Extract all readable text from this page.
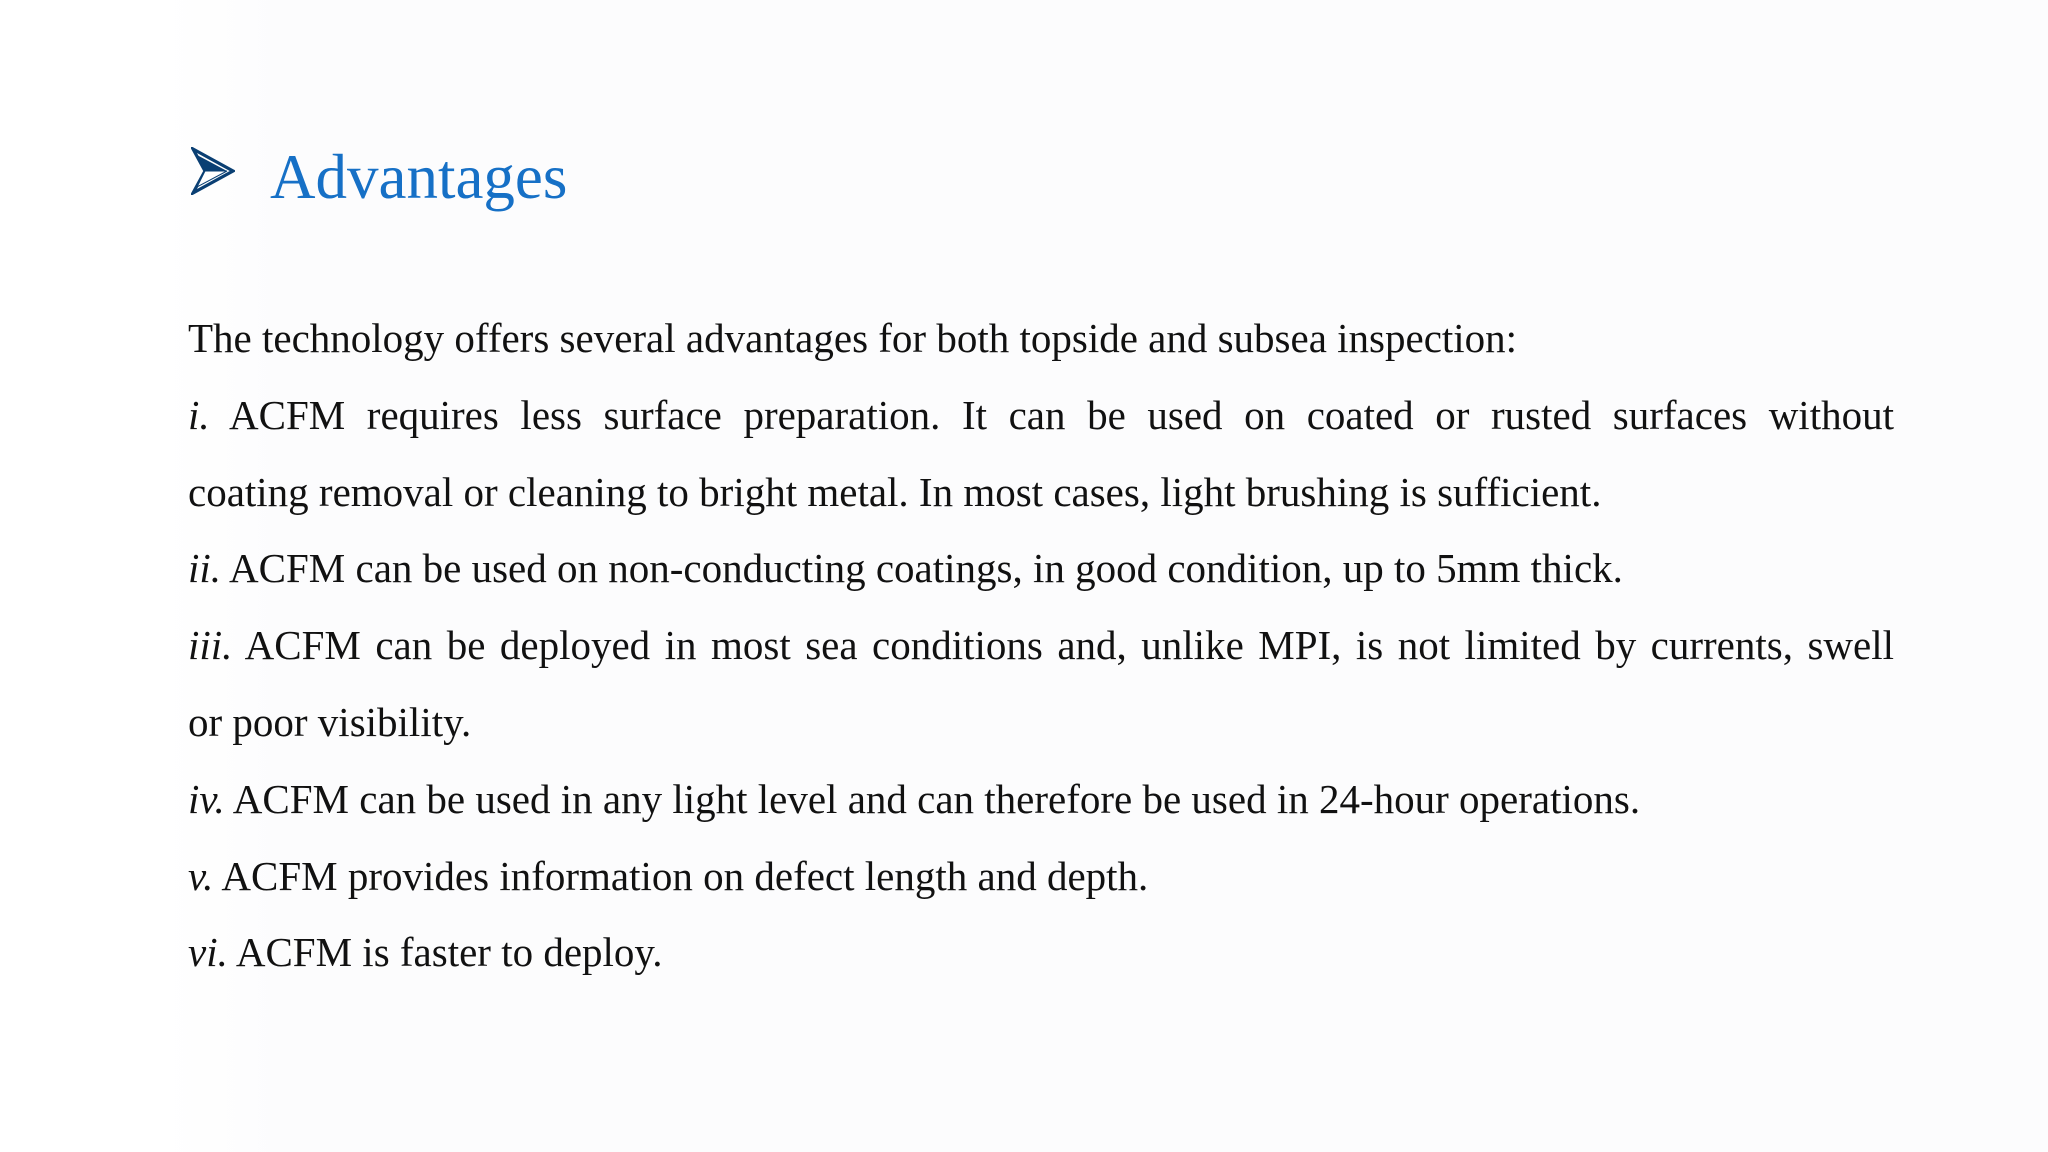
Advantages
The technology offers several advantages for both topside and subsea inspection:
i. ACFM requires less surface preparation. It can be used on coated or rusted surfaces without
coating removal or cleaning to bright metal. In most cases, light brushing is sufficient.
ii. ACFM can be used on non-conducting coatings, in good condition, up to 5mm thick.
iii. ACFM can be deployed in most sea conditions and, unlike MPI, is not limited by currents, swell
or poor visibility.
iv. ACFM can be used in any light level and can therefore be used in 24-hour operations.
v. ACFM provides information on defect length and depth.
vi. ACFM is faster to deploy.
